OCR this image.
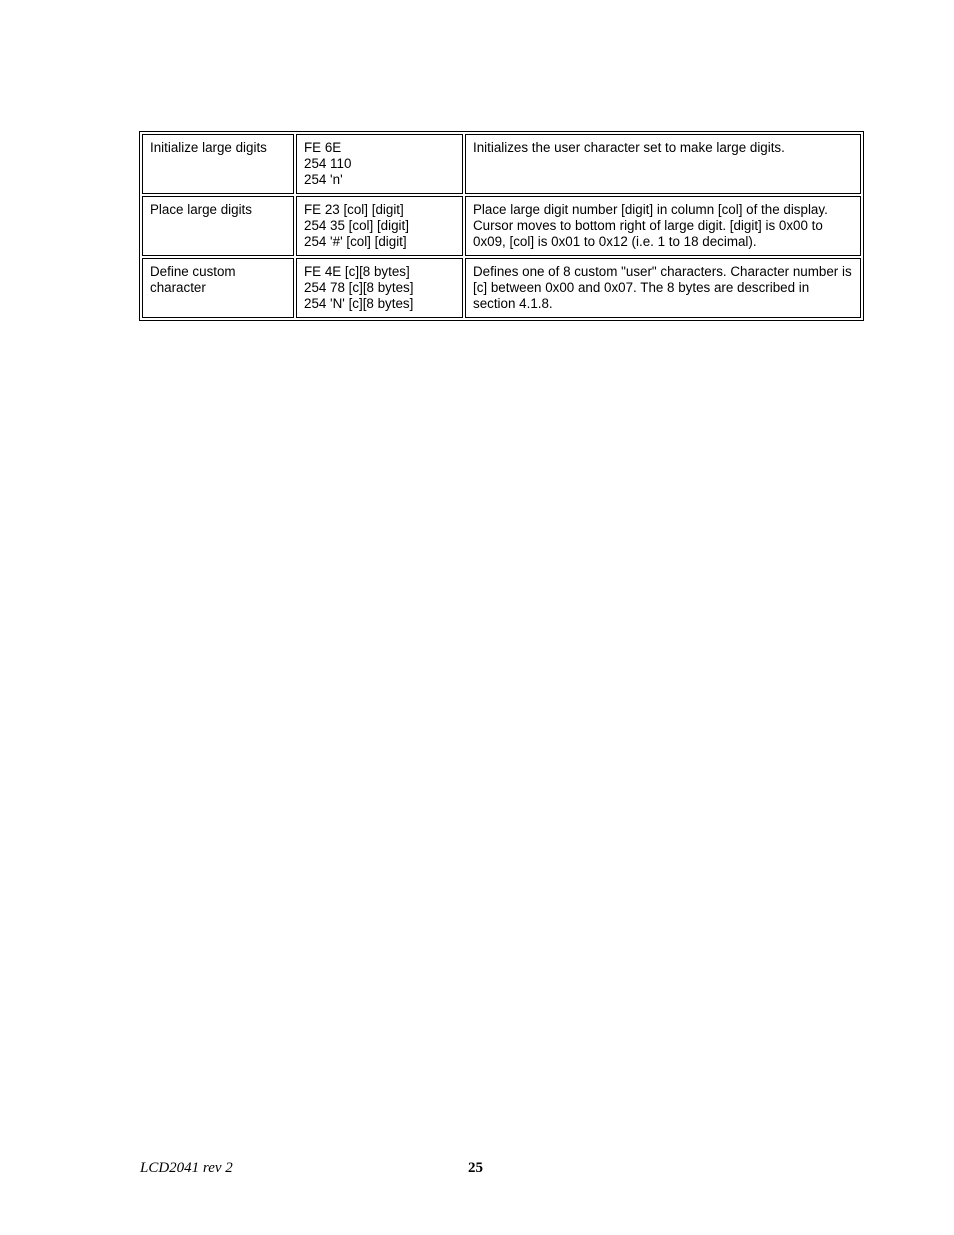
Initialize large digits	FE 6E
254 110
254 'n'	Initializes the user character set to make large digits.

Place large digits	FE 23 [col] [digit]
254 35 [col] [digit]
254 '#' [col] [digit]	Place large digit number [digit] in column [col] of the display. Cursor moves to bottom right of large digit. [digit] is 0x00 to 0x09, [col] is 0x01 to 0x12 (i.e. 1 to 18 decimal).

Define custom character	FE 4E [c][8 bytes]
254 78 [c][8 bytes]
254 'N' [c][8 bytes]	Defines one of 8 custom "user" characters. Character number is [c] between 0x00 and 0x07. The 8 bytes are described in section 4.1.8.
LCD2041 rev 2	25
